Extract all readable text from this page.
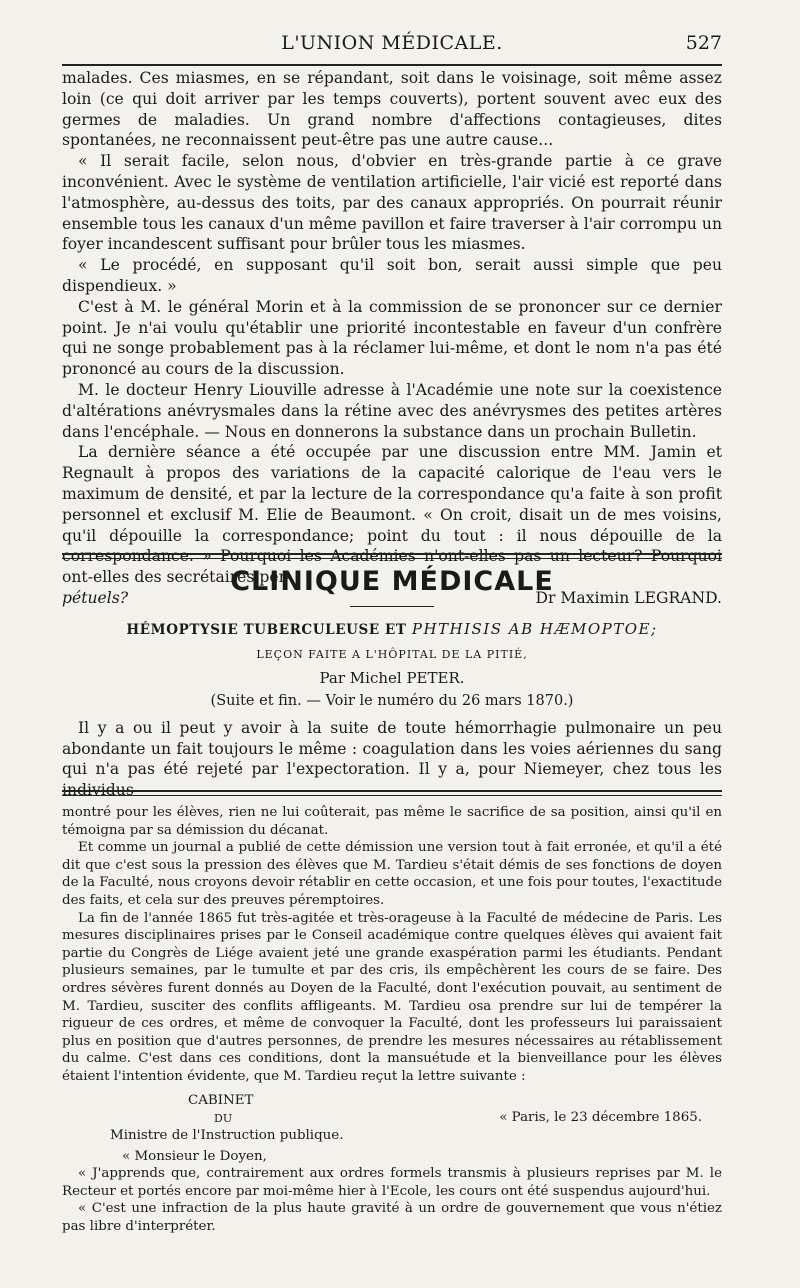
L'UNION MÉDICALE.	527

malades. Ces miasmes, en se répandant, soit dans le voisinage, soit même assez loin (ce qui doit arriver par les temps couverts), portent souvent avec eux des germes de maladies. Un grand nombre d'affections contagieuses, dites spontanées, ne reconnaissent peut-être pas une autre cause...

« Il serait facile, selon nous, d'obvier en très-grande partie à ce grave inconvénient. Avec le système de ventilation artificielle, l'air vicié est reporté dans l'atmosphère, au-dessus des toits, par des canaux appropriés. On pourrait réunir ensemble tous les canaux d'un même pavillon et faire traverser à l'air corrompu un foyer incandescent suffisant pour brûler tous les miasmes.

« Le procédé, en supposant qu'il soit bon, serait aussi simple que peu dispendieux. »

C'est à M. le général Morin et à la commission de se prononcer sur ce dernier point. Je n'ai voulu qu'établir une priorité incontestable en faveur d'un confrère qui ne songe probablement pas à la réclamer lui-même, et dont le nom n'a pas été prononcé au cours de la discussion.

M. le docteur Henry Liouville adresse à l'Académie une note sur la coexistence d'altérations anévrysmales dans la rétine avec des anévrysmes des petites artères dans l'encéphale. — Nous en donnerons la substance dans un prochain Bulletin.

La dernière séance a été occupée par une discussion entre MM. Jamin et Regnault à propos des variations de la capacité calorique de l'eau vers le maximum de densité, et par la lecture de la correspondance qu'a faite à son profit personnel et exclusif M. Elie de Beaumont. « On croit, disait un de mes voisins, qu'il dépouille la correspondance; point du tout : il nous dépouille de la correspondance. » Pourquoi les Académies n'ont-elles pas un lecteur? Pourquoi ont-elles des secrétaires per-

pétuels?	Dr Maximin LEGRAND.
CLINIQUE MÉDICALE
HÉMOPTYSIE TUBERCULEUSE ET PHTHISIS AB HÆMOPTOE;
LEÇON FAITE A L'HÔPITAL DE LA PITIÉ,
Par Michel PETER.
(Suite et fin. — Voir le numéro du 26 mars 1870.)

Il y a ou il peut y avoir à la suite de toute hémorrhagie pulmonaire un peu abondante un fait toujours le même : coagulation dans les voies aériennes du sang qui n'a pas été rejeté par l'expectoration. Il y a, pour Niemeyer, chez tous les individus

montré pour les élèves, rien ne lui coûterait, pas même le sacrifice de sa position, ainsi qu'il en témoigna par sa démission du décanat.

Et comme un journal a publié de cette démission une version tout à fait erronée, et qu'il a été dit que c'est sous la pression des élèves que M. Tardieu s'était démis de ses fonctions de doyen de la Faculté, nous croyons devoir rétablir en cette occasion, et une fois pour toutes, l'exactitude des faits, et cela sur des preuves péremptoires.

La fin de l'année 1865 fut très-agitée et très-orageuse à la Faculté de médecine de Paris. Les mesures disciplinaires prises par le Conseil académique contre quelques élèves qui avaient fait partie du Congrès de Liége avaient jeté une grande exaspération parmi les étudiants. Pendant plusieurs semaines, par le tumulte et par des cris, ils empêchèrent les cours de se faire. Des ordres sévères furent donnés au Doyen de la Faculté, dont l'exécution pouvait, au sentiment de M. Tardieu, susciter des conflits affligeants. M. Tardieu osa prendre sur lui de tempérer la rigueur de ces ordres, et même de convoquer la Faculté, dont les professeurs lui paraissaient plus en position que d'autres personnes, de prendre les mesures nécessaires au rétablissement du calme. C'est dans ces conditions, dont la mansuétude et la bienveillance pour les élèves étaient l'intention évidente, que M. Tardieu reçut la lettre suivante :

CABINET
DU	« Paris, le 23 décembre 1865.
Ministre de l'Instruction publique.

« Monsieur le Doyen,

« J'apprends que, contrairement aux ordres formels transmis à plusieurs reprises par M. le Recteur et portés encore par moi-même hier à l'Ecole, les cours ont été suspendus aujourd'hui.

« C'est une infraction de la plus haute gravité à un ordre de gouvernement que vous n'étiez pas libre d'interpréter.
